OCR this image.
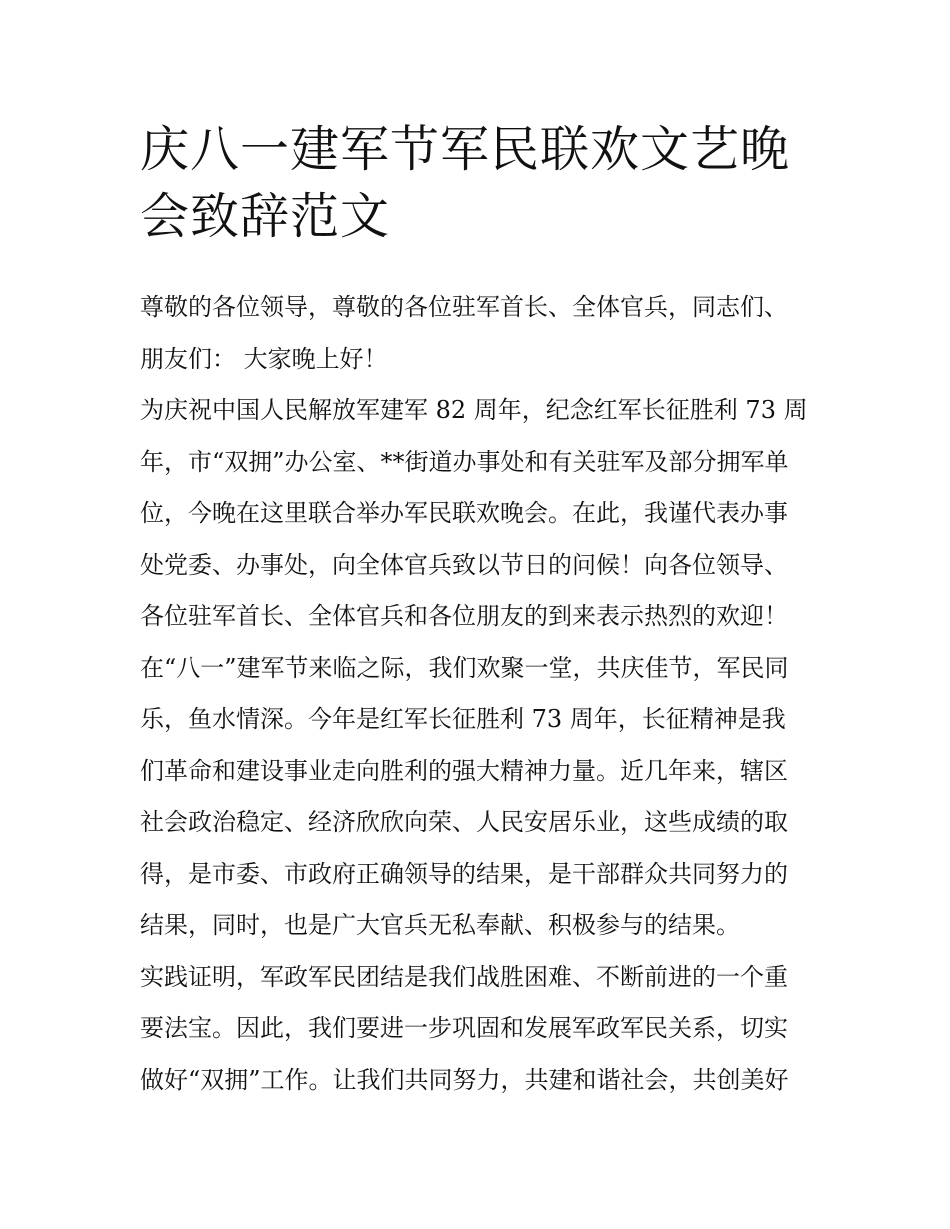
庆八一建军节军民联欢文艺晚
会致辞范文
尊敬的各位领导，尊敬的各位驻军首长、全体官兵，同志们、
朋友们： 大家晚上好！
为庆祝中国人民解放军建军 82 周年，纪念红军长征胜利 73 周
年，市“双拥”办公室、**街道办事处和有关驻军及部分拥军单
位，今晚在这里联合举办军民联欢晚会。在此，我谨代表办事
处党委、办事处，向全体官兵致以节日的问候！向各位领导、
各位驻军首长、全体官兵和各位朋友的到来表示热烈的欢迎！
在“八一”建军节来临之际，我们欢聚一堂，共庆佳节，军民同
乐，鱼水情深。今年是红军长征胜利 73 周年，长征精神是我
们革命和建设事业走向胜利的强大精神力量。近几年来，辖区
社会政治稳定、经济欣欣向荣、人民安居乐业，这些成绩的取
得，是市委、市政府正确领导的结果，是干部群众共同努力的
结果，同时，也是广大官兵无私奉献、积极参与的结果。
实践证明，军政军民团结是我们战胜困难、不断前进的一个重
要法宝。因此，我们要进一步巩固和发展军政军民关系，切实
做好“双拥”工作。让我们共同努力，共建和谐社会，共创美好
